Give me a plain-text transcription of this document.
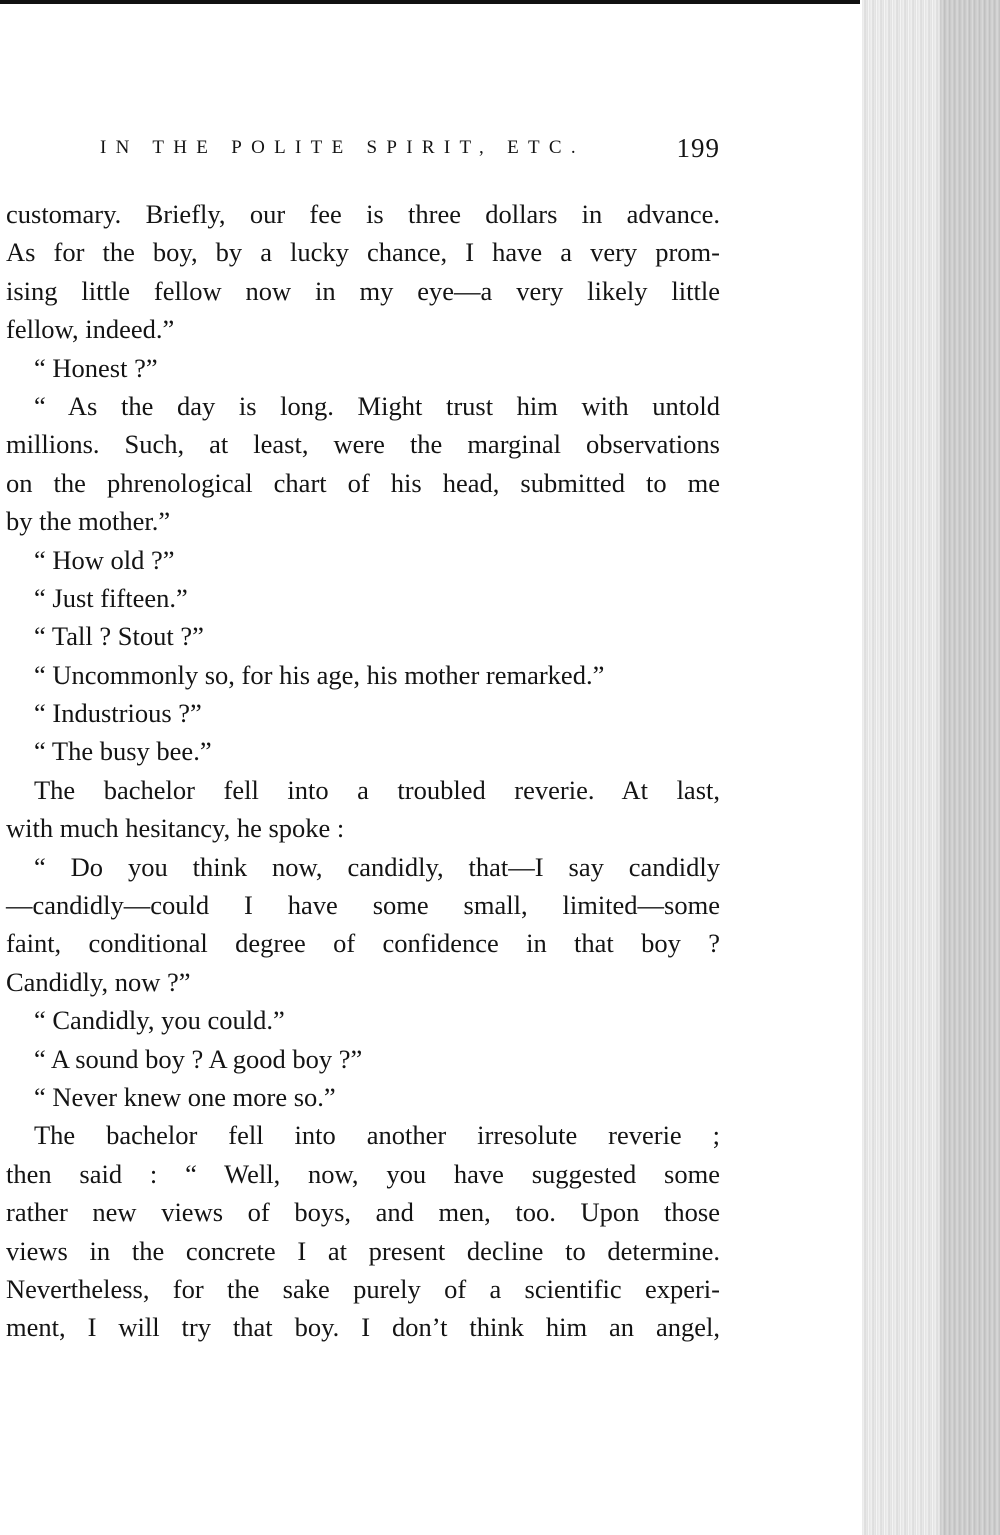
IN THE POLITE SPIRIT, ETC.	199
customary. Briefly, our fee is three dollars in advance.
As for the boy, by a lucky chance, I have a very prom-
ising little fellow now in my eye—a very likely little
fellow, indeed.”
“ Honest ?”
“ As the day is long. Might trust him with untold
millions. Such, at least, were the marginal observations
on the phrenological chart of his head, submitted to me
by the mother.”
“ How old ?”
“ Just fifteen.”
“ Tall ? Stout ?”
“ Uncommonly so, for his age, his mother remarked.”
“ Industrious ?”
“ The busy bee.”
The bachelor fell into a troubled reverie. At last,
with much hesitancy, he spoke :
“ Do you think now, candidly, that—I say candidly
—candidly—could I have some small, limited—some
faint, conditional degree of confidence in that boy ?
Candidly, now ?”
“ Candidly, you could.”
“ A sound boy ? A good boy ?”
“ Never knew one more so.”
The bachelor fell into another irresolute reverie ;
then said : “ Well, now, you have suggested some
rather new views of boys, and men, too. Upon those
views in the concrete I at present decline to determine.
Nevertheless, for the sake purely of a scientific experi-
ment, I will try that boy. I don’t think him an angel,
